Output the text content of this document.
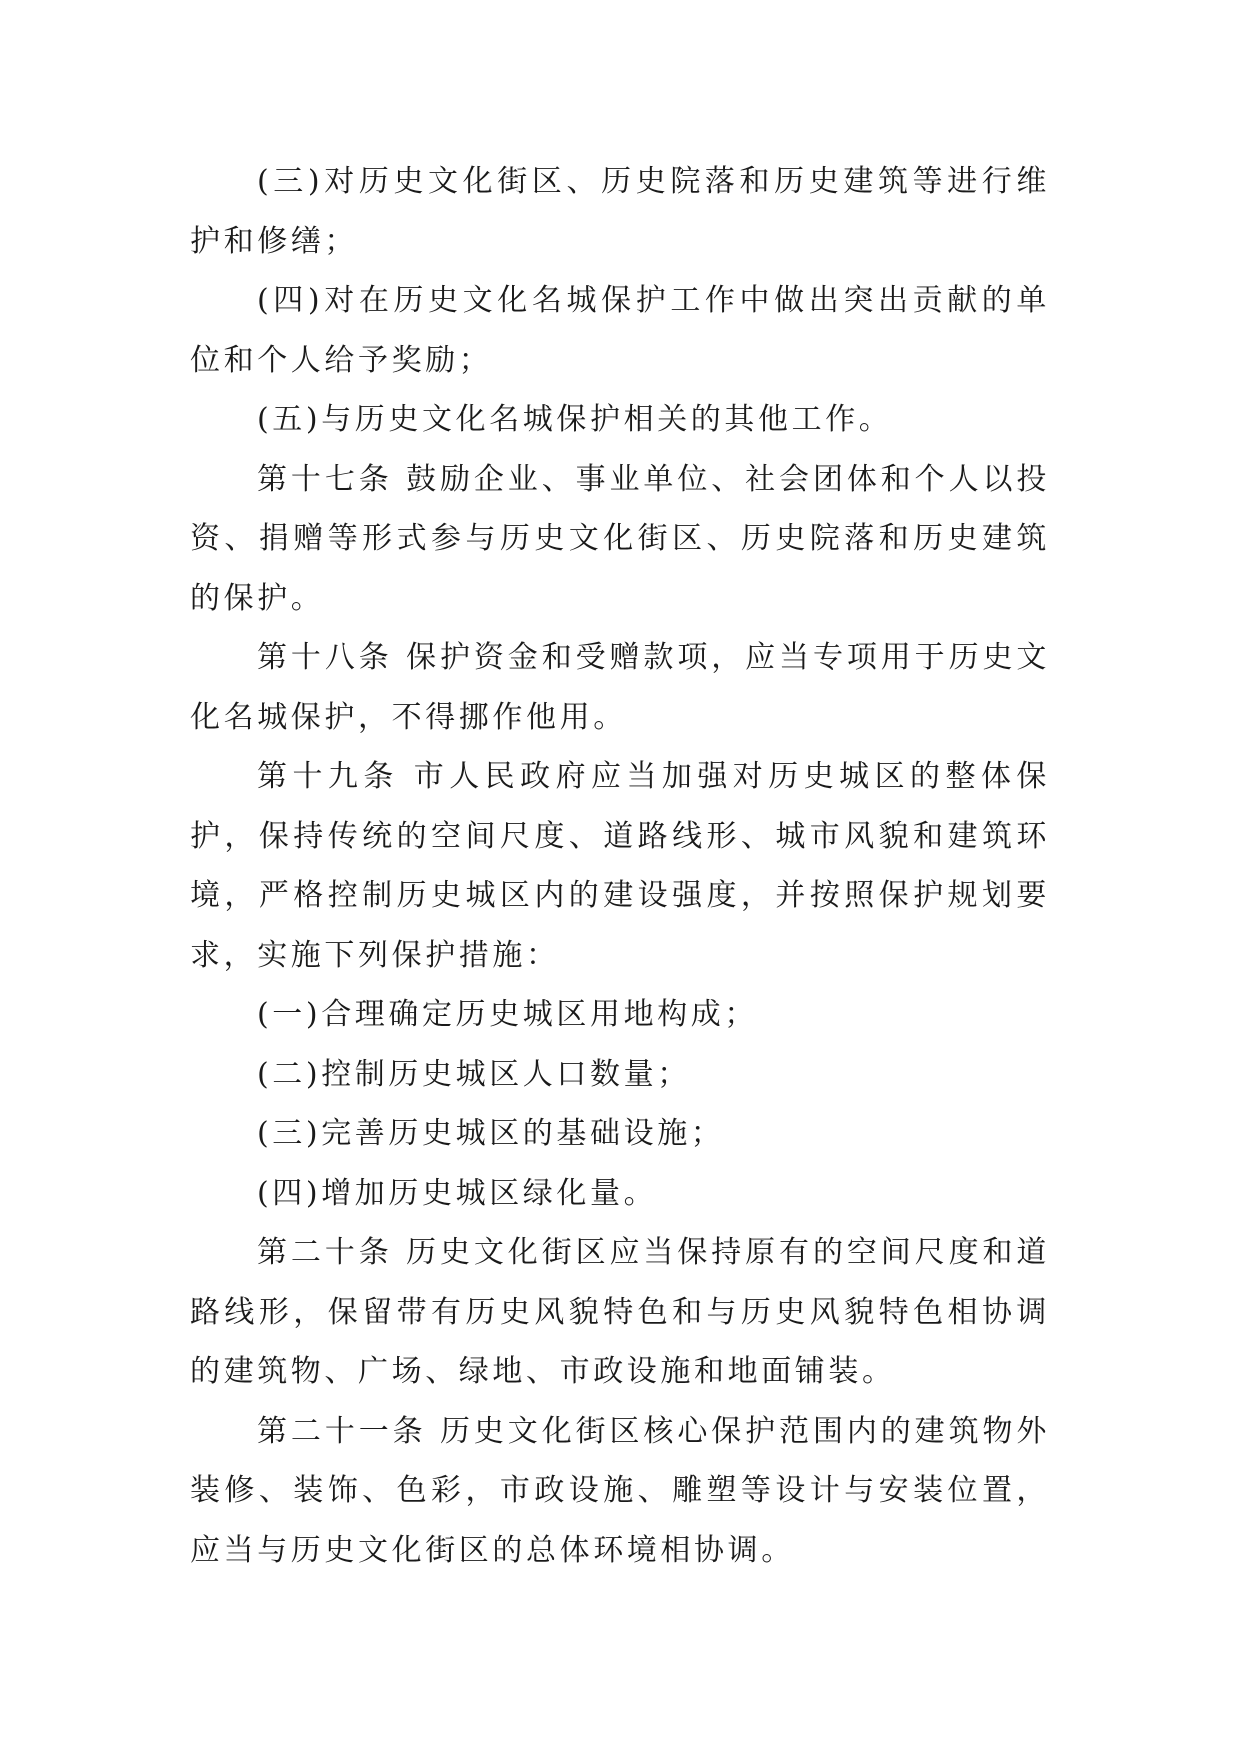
(三)对历史文化街区、历史院落和历史建筑等进行维护和修缮；

(四)对在历史文化名城保护工作中做出突出贡献的单位和个人给予奖励；

(五)与历史文化名城保护相关的其他工作。

第十七条 鼓励企业、事业单位、社会团体和个人以投资、捐赠等形式参与历史文化街区、历史院落和历史建筑的保护。

第十八条 保护资金和受赠款项，应当专项用于历史文化名城保护，不得挪作他用。

第十九条 市人民政府应当加强对历史城区的整体保护，保持传统的空间尺度、道路线形、城市风貌和建筑环境，严格控制历史城区内的建设强度，并按照保护规划要求，实施下列保护措施：

(一)合理确定历史城区用地构成；

(二)控制历史城区人口数量；

(三)完善历史城区的基础设施；

(四)增加历史城区绿化量。

第二十条 历史文化街区应当保持原有的空间尺度和道路线形，保留带有历史风貌特色和与历史风貌特色相协调的建筑物、广场、绿地、市政设施和地面铺装。

第二十一条 历史文化街区核心保护范围内的建筑物外装修、装饰、色彩，市政设施、雕塑等设计与安装位置，应当与历史文化街区的总体环境相协调。
